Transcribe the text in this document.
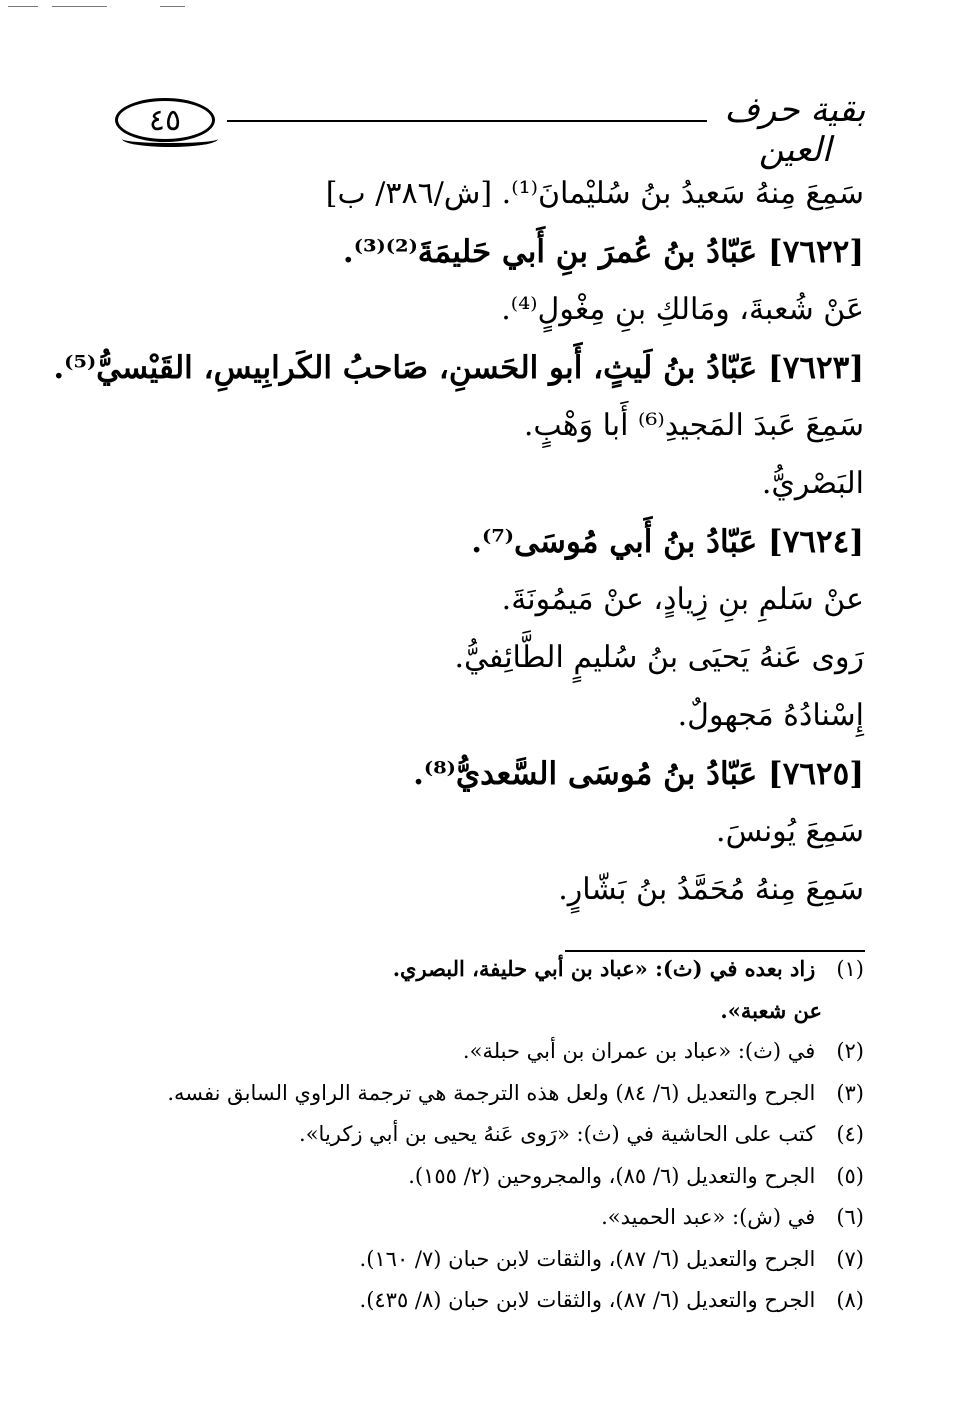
٤٥	بقية حرف العين
سَمِعَ مِنهُ سَعيدُ بنُ سُليْمانَ⁽¹⁾. [ش/٣٨٦/ ب]
[٧٦٢٢] عَبّادُ بنُ عُمرَ بنِ أَبي حَليمَةَ⁽²⁾⁽³⁾.
عَنْ شُعبةَ، ومَالكِ بنِ مِغْولٍ⁽⁴⁾.
[٧٦٢٣] عَبّادُ بنُ لَيثٍ، أَبو الحَسنِ، صَاحبُ الكَرابِيسِ، القَيْسيُّ⁽⁵⁾.
سَمِعَ عَبدَ المَجيدِ⁽⁶⁾ أَبا وَهْبٍ.
البَصْريُّ.
[٧٦٢٤] عَبّادُ بنُ أَبي مُوسَى⁽⁷⁾.
عنْ سَلمِ بنِ زِيادٍ، عنْ مَيمُونَةَ.
رَوى عَنهُ يَحيَى بنُ سُليمٍ الطَّائِفيُّ.
إِسْنادُهُ مَجهولٌ.
[٧٦٢٥] عَبّادُ بنُ مُوسَى السَّعديُّ⁽⁸⁾.
سَمِعَ يُونسَ.
سَمِعَ مِنهُ مُحَمَّدُ بنُ بَشّارٍ.
(١) زاد بعده في (ث): «عباد بن أبي حليفة، البصري.
عن شعبة».
(٢) في (ث): «عباد بن عمران بن أبي حبلة».
(٣) الجرح والتعديل (٦/ ٨٤) ولعل هذه الترجمة هي ترجمة الراوي السابق نفسه.
(٤) كتب على الحاشية في (ث): «رَوى عَنهُ يحيى بن أبي زكريا».
(٥) الجرح والتعديل (٦/ ٨٥)، والمجروحين (٢/ ١٥٥).
(٦) في (ش): «عبد الحميد».
(٧) الجرح والتعديل (٦/ ٨٧)، والثقات لابن حبان (٧/ ١٦٠).
(٨) الجرح والتعديل (٦/ ٨٧)، والثقات لابن حبان (٨/ ٤٣٥).
